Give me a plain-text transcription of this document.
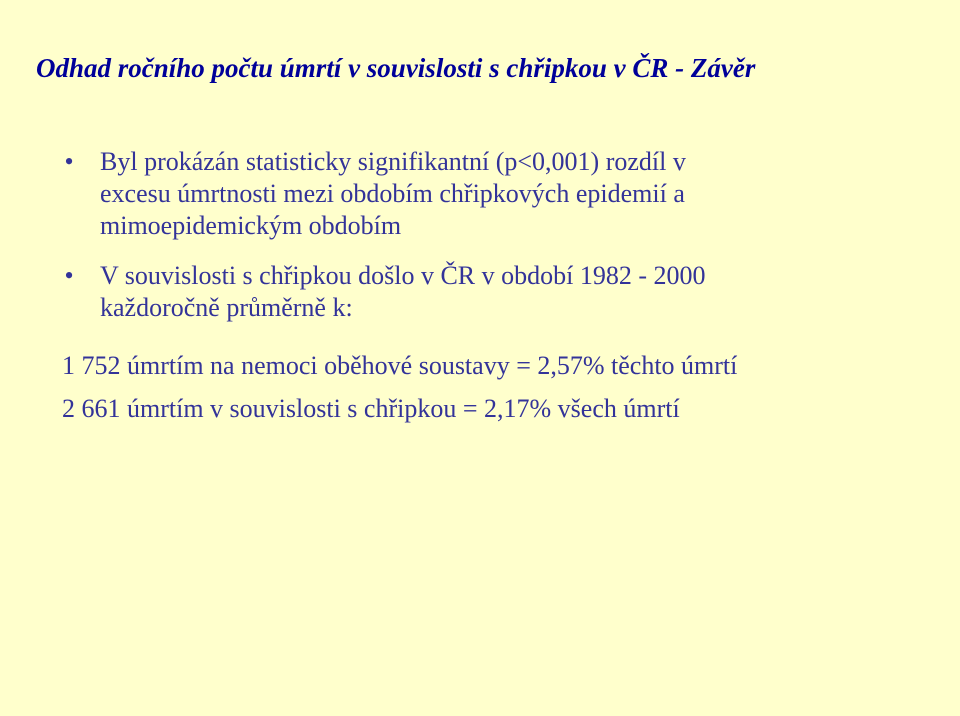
Odhad ročního počtu úmrtí v souvislosti s chřipkou v ČR - Závěr
• Byl prokázán statisticky signifikantní (p<0,001) rozdíl v
excesu úmrtnosti mezi obdobím chřipkových epidemií a
mimoepidemickým obdobím
• V souvislosti s chřipkou došlo v ČR v období 1982 - 2000
každoročně průměrně k:
1 752 úmrtím na nemoci oběhové soustavy = 2,57% těchto úmrtí
2 661 úmrtím v souvislosti s chřipkou = 2,17% všech úmrtí
